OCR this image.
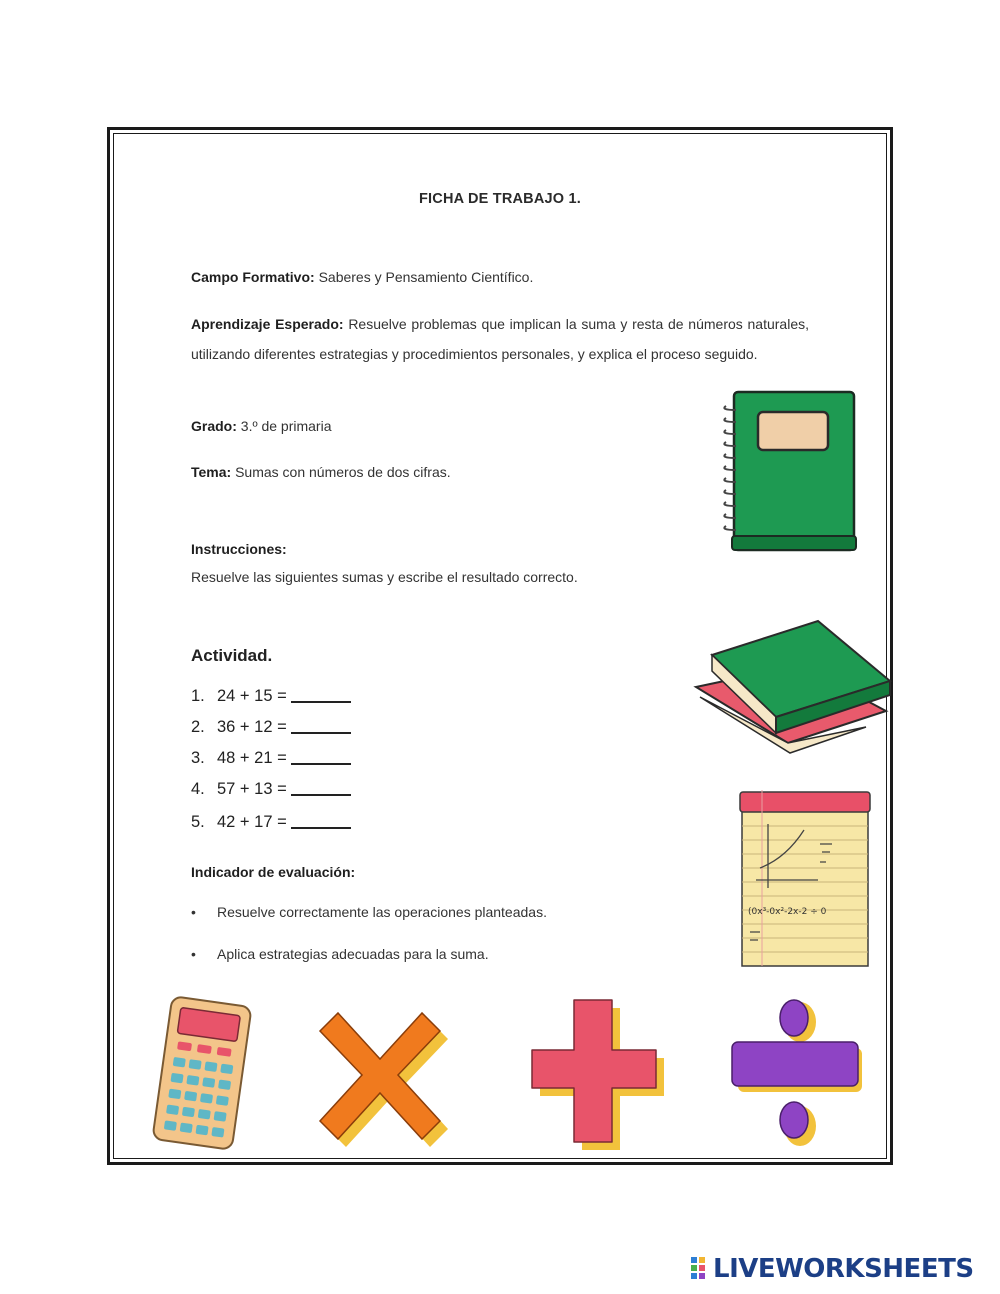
FICHA DE TRABAJO 1.
Campo Formativo: Saberes y Pensamiento Científico.
Aprendizaje Esperado: Resuelve problemas que implican la suma y resta de números naturales, utilizando diferentes estrategias y procedimientos personales, y explica el proceso seguido.
Grado: 3.º de primaria
Tema: Sumas con números de dos cifras.
Instrucciones:
Resuelve las siguientes sumas y escribe el resultado correcto.
Actividad.
1. 24 + 15 =
2. 36 + 12 =
3. 48 + 21 =
4. 57 + 13 =
5. 42 + 17 =
Indicador de evaluación:
•	Resuelve correctamente las operaciones planteadas.
•	Aplica estrategias adecuadas para la suma.
(0x³-0x²-2x-2 ÷ 0
LIVEWORKSHEETS
